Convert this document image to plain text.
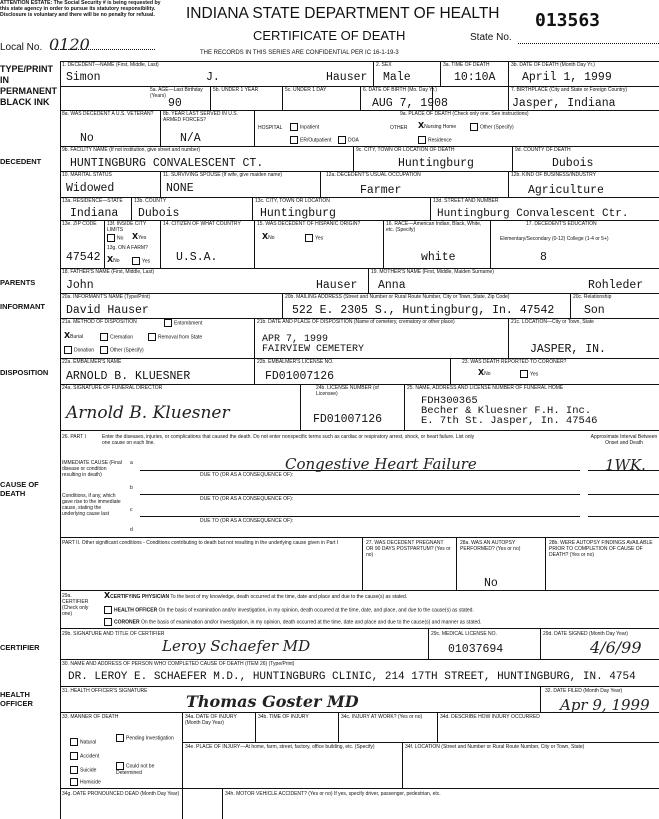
ATTENTION ESTATE: The Social Security # is being requested by this state agency in order to pursue its statutory responsibility. Disclosure is voluntary and there will be no penalty for refusal.
Local No. 0120
INDIANA STATE DEPARTMENT OF HEALTH
CERTIFICATE OF DEATH
013563
State No.
THE RECORDS IN THIS SERIES ARE CONFIDENTIAL PER IC 16-1-19-3
TYPE/PRINT IN PERMANENT BLACK INK
DECEDENT
PARENTS
INFORMANT
DISPOSITION
CAUSE OF DEATH
CERTIFIER
HEALTH OFFICER
1. DECEDENT—NAME (First, Middle, Last)
Simon	J.	Hauser
2. SEX
Male
3a. TIME OF DEATH
10:10A
3b. DATE OF DEATH (Month Day Yr.)
April 1, 1999
5a. AGE—Last Birthday (Years)
90
5b. UNDER 1 YEAR	5c. UNDER 1 DAY	6. DATE OF BIRTH (Mo. Day Yr.)
AUG 7, 1908
7. BIRTHPLACE (City and State or Foreign Country)
Jasper, Indiana
8a. WAS DECEDENT A U.S. VETERAN?
No
8b. YEAR LAST SERVED IN U.S. ARMED FORCES?
N/A
9a. PLACE OF DEATH (Check only one. See instructions)
HOSPITAL	Inpatient
ER/Outpatient	DOA
OTHER XNursing Home	Other (Specify)
Residence
9b. FACILITY NAME (If not institution, give street and number)
HUNTINGBURG CONVALESCENT CT.
9c. CITY, TOWN OR LOCATION OF DEATH
Huntingburg
9d. COUNTY OF DEATH
Dubois
10. MARITAL STATUS
Widowed
11. SURVIVING SPOUSE (If wife, give maiden name)
NONE
12a. DECEDENT'S USUAL OCCUPATION
Farmer
12b. KIND OF BUSINESS/INDUSTRY
Agriculture
13a. RESIDENCE—STATE
Indiana
13b. COUNTY
Dubois
13c. CITY, TOWN OR LOCATION
Huntingburg
13d. STREET AND NUMBER
Huntingburg Convalescent Ctr.
13e. ZIP CODE
47542
13f. INSIDE CITY LIMITS
No XYes
13g. ON A FARM?
XNo	Yes
14. CITIZEN OF WHAT COUNTRY
U.S.A.
15. WAS DECEDENT OF HISPANIC ORIGIN?
XNo	Yes
16. RACE—American Indian, Black, White, etc. (Specify)
white
17. DECEDENT'S EDUCATION
Elementary/Secondary (0-12) College (1-4 or 5+)
8
18. FATHER'S NAME (First, Middle, Last)
John	Hauser
19. MOTHER'S NAME (First, Middle, Maiden Surname)
Anna	Rohleder
20a. INFORMANT'S NAME (Type/Print)
David Hauser
20b. MAILING ADDRESS (Street and Number or Rural Route Number, City or Town, State, Zip Code)
522 E. 2305 S., Huntingburg, In. 47542
20c. Relationship
Son
21a. METHOD OF DISPOSITION	Entombment
XBurial	Cremation	Removal from State
Donation	Other (Specify)
21b. DATE AND PLACE OF DISPOSITION (Name of cemetery, crematory or other place)
APR 7, 1999
FAIRVIEW CEMETERY
21c. LOCATION—City or Town, State
JASPER, IN.
22a. EMBALMER'S NAME
ARNOLD B. KLUESNER
22b. EMBALMER'S LICENSE NO.
FD01007126
23. WAS DEATH REPORTED TO CORONER?
XNo	Yes
24a. SIGNATURE OF FUNERAL DIRECTOR
Arnold B. Kluesner
24b. LICENSE NUMBER (of Licensee)
FD01007126
25. NAME, ADDRESS AND LICENSE NUMBER OF FUNERAL HOME
FDH300365
Becher & Kluesner F.H. Inc.
E. 7th St. Jasper, In. 47546
26. PART I	Enter the diseases, injuries, or complications that caused the death. Do not enter nonspecific terms such as cardiac or respiratory arrest, shock, or heart failure. List only one cause on each line.
Approximate Interval Between Onset and Death
IMMEDIATE CAUSE (Final disease or condition resulting in death)
a	Congestive Heart Failure
DUE TO (OR AS A CONSEQUENCE OF):
1WK.
b
DUE TO (OR AS A CONSEQUENCE OF):
Conditions, if any, which gave rise to the immediate cause, stating the underlying cause last
c
DUE TO (OR AS A CONSEQUENCE OF):
d
PART II. Other significant conditions - Conditions contributing to death but not resulting in the underlying cause given in Part I	27. WAS DECEDENT PREGNANT OR 90 DAYS POSTPARTUM? (Yes or no)
28a. WAS AN AUTOPSY PERFORMED? (Yes or no)
No
28b. WERE AUTOPSY FINDINGS AVAILABLE PRIOR TO COMPLETION OF CAUSE OF DEATH? (Yes or no)
29a. CERTIFIER (Check only one)
XCERTIFYING PHYSICIAN To the best of my knowledge, death occurred at the time, date and place and due to the cause(s) as stated.
HEALTH OFFICER On the basis of examination and/or investigation, in my opinion, death occurred at the time, date, and place, and due to the cause(s) as stated.
CORONER On the basis of examination and/or investigation, in my opinion, death occurred at the time, date and place and due to the cause(s) and manner as stated.
29b. SIGNATURE AND TITLE OF CERTIFIER
Leroy Schaefer MD
29c. MEDICAL LICENSE NO.
01037694
29d. DATE SIGNED (Month Day Year)
4/6/99
30. NAME AND ADDRESS OF PERSON WHO COMPLETED CAUSE OF DEATH (ITEM 26) (Type/Print)
DR. LEROY E. SCHAEFER M.D., HUNTINGBURG CLINIC, 214 17TH STREET, HUNTINGBURG, IN. 4754
31. HEALTH OFFICER'S SIGNATURE
Thomas Goster MD
32. DATE FILED (Month Day Year)
Apr 9, 1999
33. MANNER OF DEATH
Natural
Pending Investigation
Accident
Suicide
Could not be Determined
Homicide
34a. DATE OF INJURY (Month Day Year)
34b. TIME OF INJURY	34c. INJURY AT WORK? (Yes or no)	34d. DESCRIBE HOW INJURY OCCURRED
34e. PLACE OF INJURY—At home, farm, street, factory, office building, etc. (Specify)	34f. LOCATION (Street and Number or Rural Route Number, City or Town, State)
34g. DATE PRONOUNCED DEAD (Month Day Year)	34h. MOTOR VEHICLE ACCIDENT? (Yes or no) If yes, specify driver, passenger, pedestrian, etc.
